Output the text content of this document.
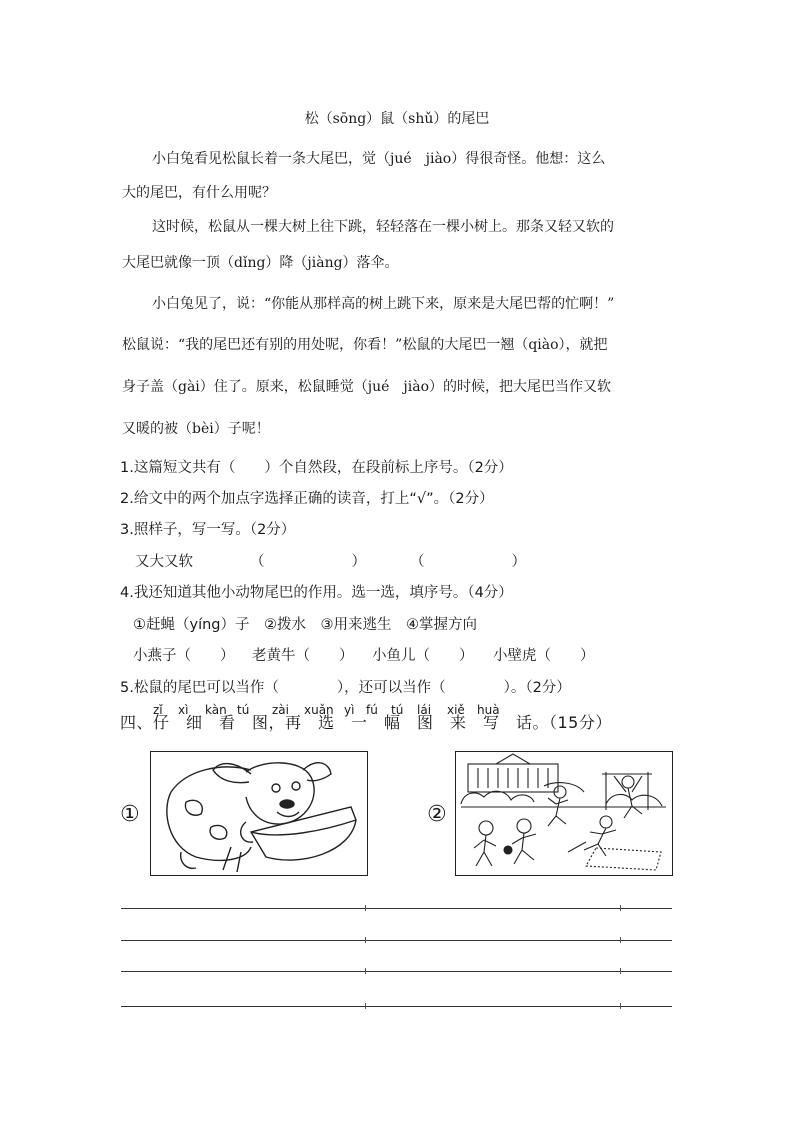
松（sōng）鼠（shǔ）的尾巴
小白兔看见松鼠长着一条大尾巴，觉（jué　jiào）得很奇怪。他想：这么
大的尾巴，有什么用呢？
这时候，松鼠从一棵大树上往下跳，轻轻落在一棵小树上。那条又轻又软的
大尾巴就像一顶（dǐng）降（jiàng）落伞。
小白兔见了，说：“你能从那样高的树上跳下来，原来是大尾巴帮的忙啊！”
松鼠说：“我的尾巴还有别的用处呢，你看！”松鼠的大尾巴一翘（qiào），就把
身子盖（gài）住了。原来，松鼠睡觉（jué　jiào）的时候，把大尾巴当作又软
又暖的被（bèi）子呢！
1.这篇短文共有（　　）个自然段，在段前标上序号。（2分）
2.给文中的两个加点字选择正确的读音，打上“√”。（2分）
3.照样子，写一写。（2分）
又大又软	（　　　　　　）	（　　　　　　）
4.我还知道其他小动物尾巴的作用。选一选，填序号。（4分）
①赶蝇（yíng）子　②拨水　③用来逃生　④掌握方向
小燕子（　　） 老黄牛（　　） 小鱼儿（　　） 小壁虎（　　）
5.松鼠的尾巴可以当作（　　　　），还可以当作（　　　　）。（2分）
zǐ xì kàn tú zài xuǎn yì fú tú lái xiě huà
四、仔　细　看　图，再　选　一　幅　图　来　写　话。（15分）
①	②
